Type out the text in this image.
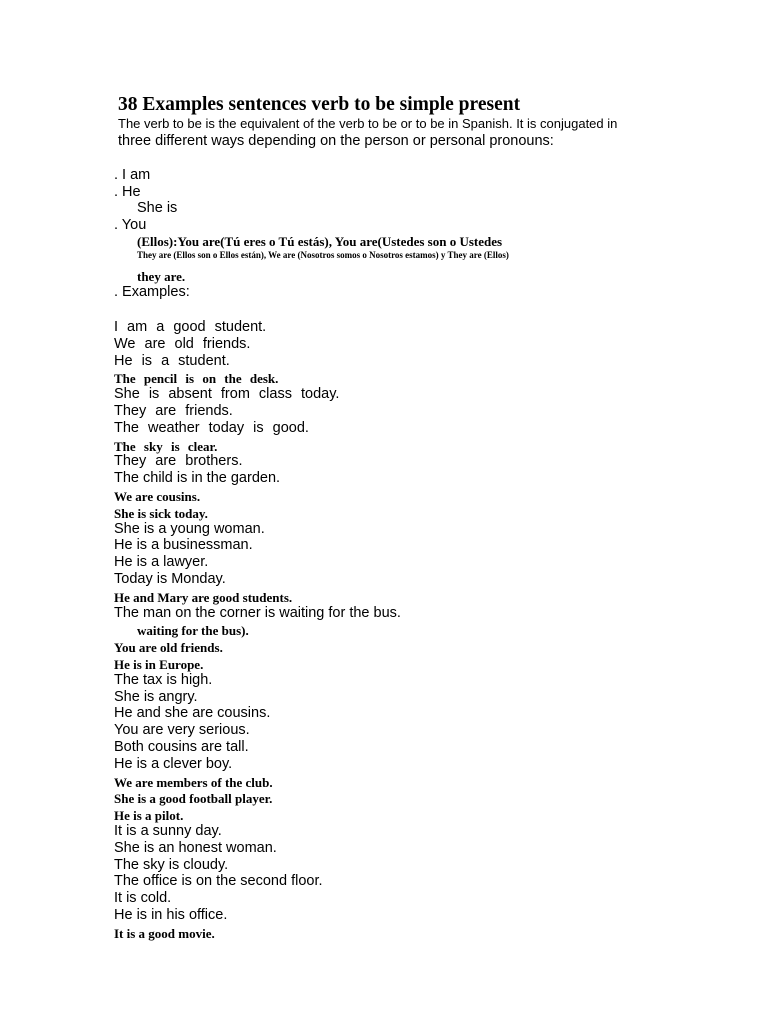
38 Examples sentences verb to be simple present

The verb to be is the equivalent of the verb to be or to be in Spanish. It is conjugated in

three different ways depending on the person or personal pronouns:

. I am

. He

She is

. You

(Ellos):You are(Tú eres o Tú estás), You are(Ustedes son o Ustedes

They are (Ellos son o Ellos están), We are (Nosotros somos o Nosotros estamos) y They are (Ellos)

they are.

. Examples:

I am a good student.

We are old friends.

He is a student.

The pencil is on the desk.

She is absent from class today.

They are friends.

The weather today is good.

The sky is clear.

They are brothers.

The child is in the garden.

We are cousins.

She is sick today.

She is a young woman.

He is a businessman.

He is a lawyer.

Today is Monday.

He and Mary are good students.

The man on the corner is waiting for the bus.

waiting for the bus).

You are old friends.

He is in Europe.

The tax is high.

She is angry.

He and she are cousins.

You are very serious.

Both cousins are tall.

He is a clever boy.

We are members of the club.

She is a good football player.

He is a pilot.

It is a sunny day.

She is an honest woman.

The sky is cloudy.

The office is on the second floor.

It is cold.

He is in his office.

It is a good movie.
